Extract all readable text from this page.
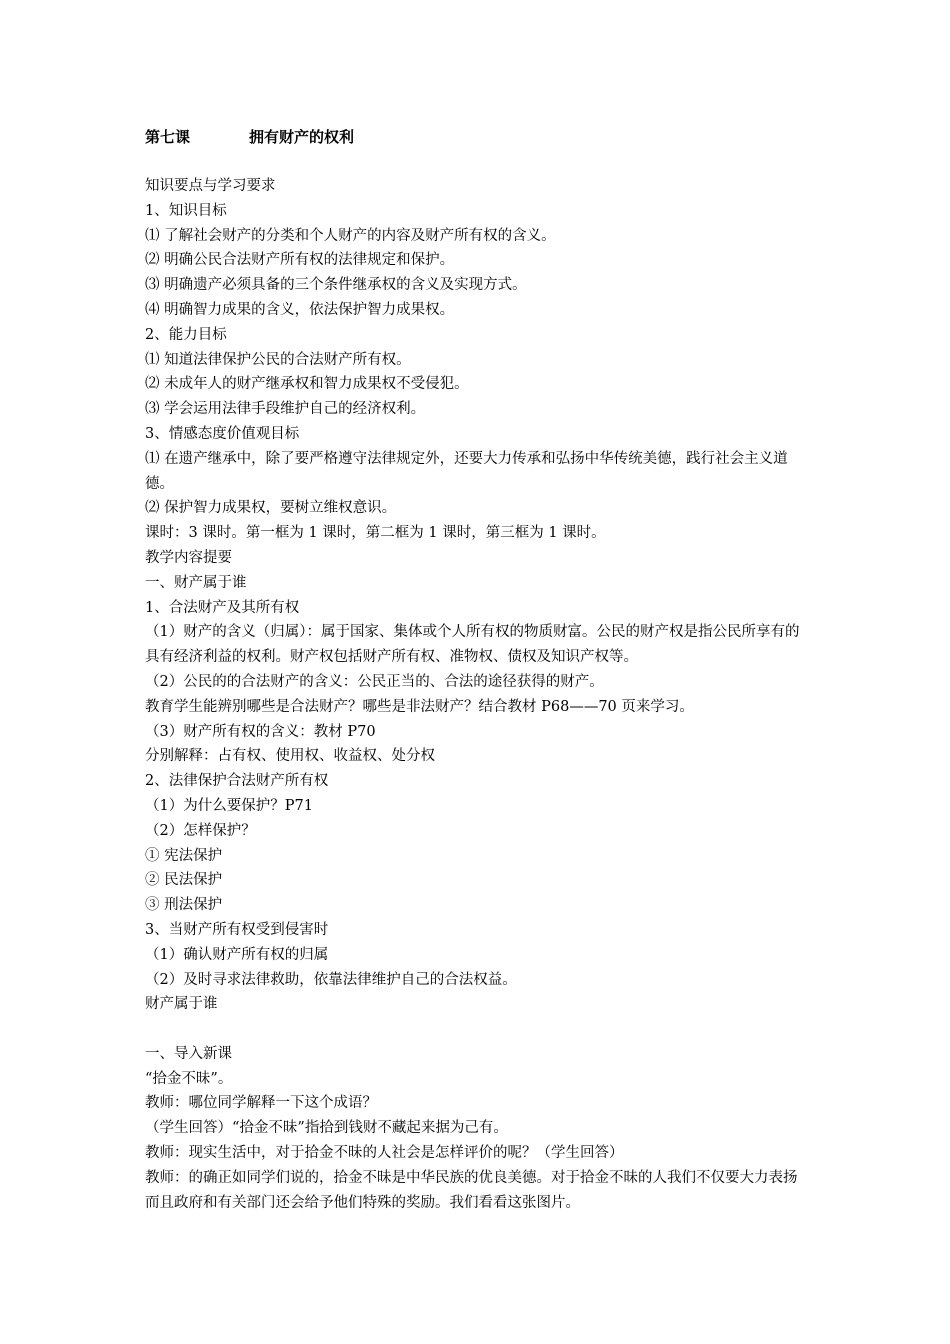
第七课	拥有财产的权利
知识要点与学习要求
1、知识目标
⑴ 了解社会财产的分类和个人财产的内容及财产所有权的含义。
⑵ 明确公民合法财产所有权的法律规定和保护。
⑶ 明确遗产必须具备的三个条件继承权的含义及实现方式。
⑷ 明确智力成果的含义，依法保护智力成果权。
2、能力目标
⑴ 知道法律保护公民的合法财产所有权。
⑵ 未成年人的财产继承权和智力成果权不受侵犯。
⑶ 学会运用法律手段维护自己的经济权利。
3、情感态度价值观目标
⑴ 在遗产继承中，除了要严格遵守法律规定外，还要大力传承和弘扬中华传统美德，践行社会主义道德。
⑵ 保护智力成果权，要树立维权意识。
课时：3 课时。第一框为 1 课时，第二框为 1 课时，第三框为 1 课时。
教学内容提要
一、财产属于谁
1、合法财产及其所有权
（1）财产的含义（归属）：属于国家、集体或个人所有权的物质财富。公民的财产权是指公民所享有的具有经济利益的权利。财产权包括财产所有权、准物权、债权及知识产权等。
（2）公民的的合法财产的含义：公民正当的、合法的途径获得的财产。
教育学生能辨别哪些是合法财产？哪些是非法财产？结合教材 P68——70 页来学习。
（3）财产所有权的含义：教材 P70
分别解释：占有权、使用权、收益权、处分权
2、法律保护合法财产所有权
（1）为什么要保护？P71
（2）怎样保护？
① 宪法保护
② 民法保护
③ 刑法保护
3、当财产所有权受到侵害时
（1）确认财产所有权的归属
（2）及时寻求法律救助，依靠法律维护自己的合法权益。
财产属于谁
一、导入新课
“拾金不昧”。
教师：哪位同学解释一下这个成语？
（学生回答）“拾金不昧”指拾到钱财不藏起来据为己有。
教师：现实生活中，对于拾金不昧的人社会是怎样评价的呢？（学生回答）
教师：的确正如同学们说的，拾金不昧是中华民族的优良美德。对于拾金不昧的人我们不仅要大力表扬而且政府和有关部门还会给予他们特殊的奖励。我们看看这张图片。
